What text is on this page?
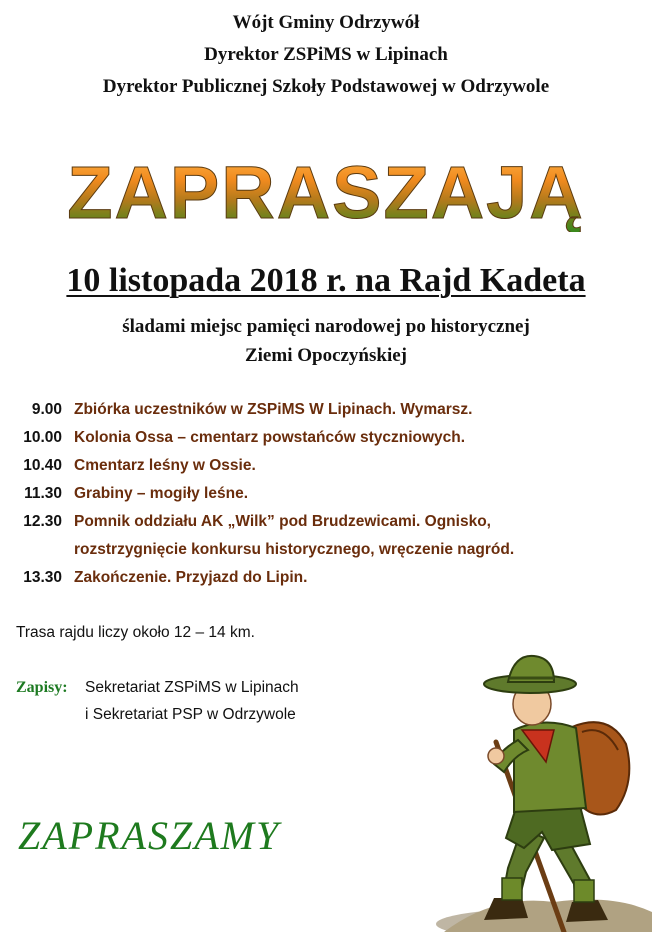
Wójt Gminy Odrzywół
Dyrektor ZSPiMS w Lipinach
Dyrektor Publicznej Szkoły Podstawowej w Odrzywole
ZAPRASZAJĄ
10 listopada 2018 r. na Rajd Kadeta
śladami miejsc pamięci narodowej po historycznej
Ziemi Opoczyńskiej
9.00 Zbiórka uczestników w ZSPiMS W Lipinach. Wymarsz.
10.00 Kolonia Ossa – cmentarz powstańców styczniowych.
10.40 Cmentarz leśny w Ossie.
11.30 Grabiny – mogiły leśne.
12.30 Pomnik oddziału AK „Wilk” pod Brudzewicami. Ognisko,
rozstrzygnięcie konkursu historycznego, wręczenie nagród.
13.30 Zakończenie. Przyjazd do Lipin.
Trasa rajdu liczy około 12 – 14 km.
Zapisy: Sekretariat ZSPiMS w Lipinach
i Sekretariat PSP w Odrzywole
ZAPRASZAMY
